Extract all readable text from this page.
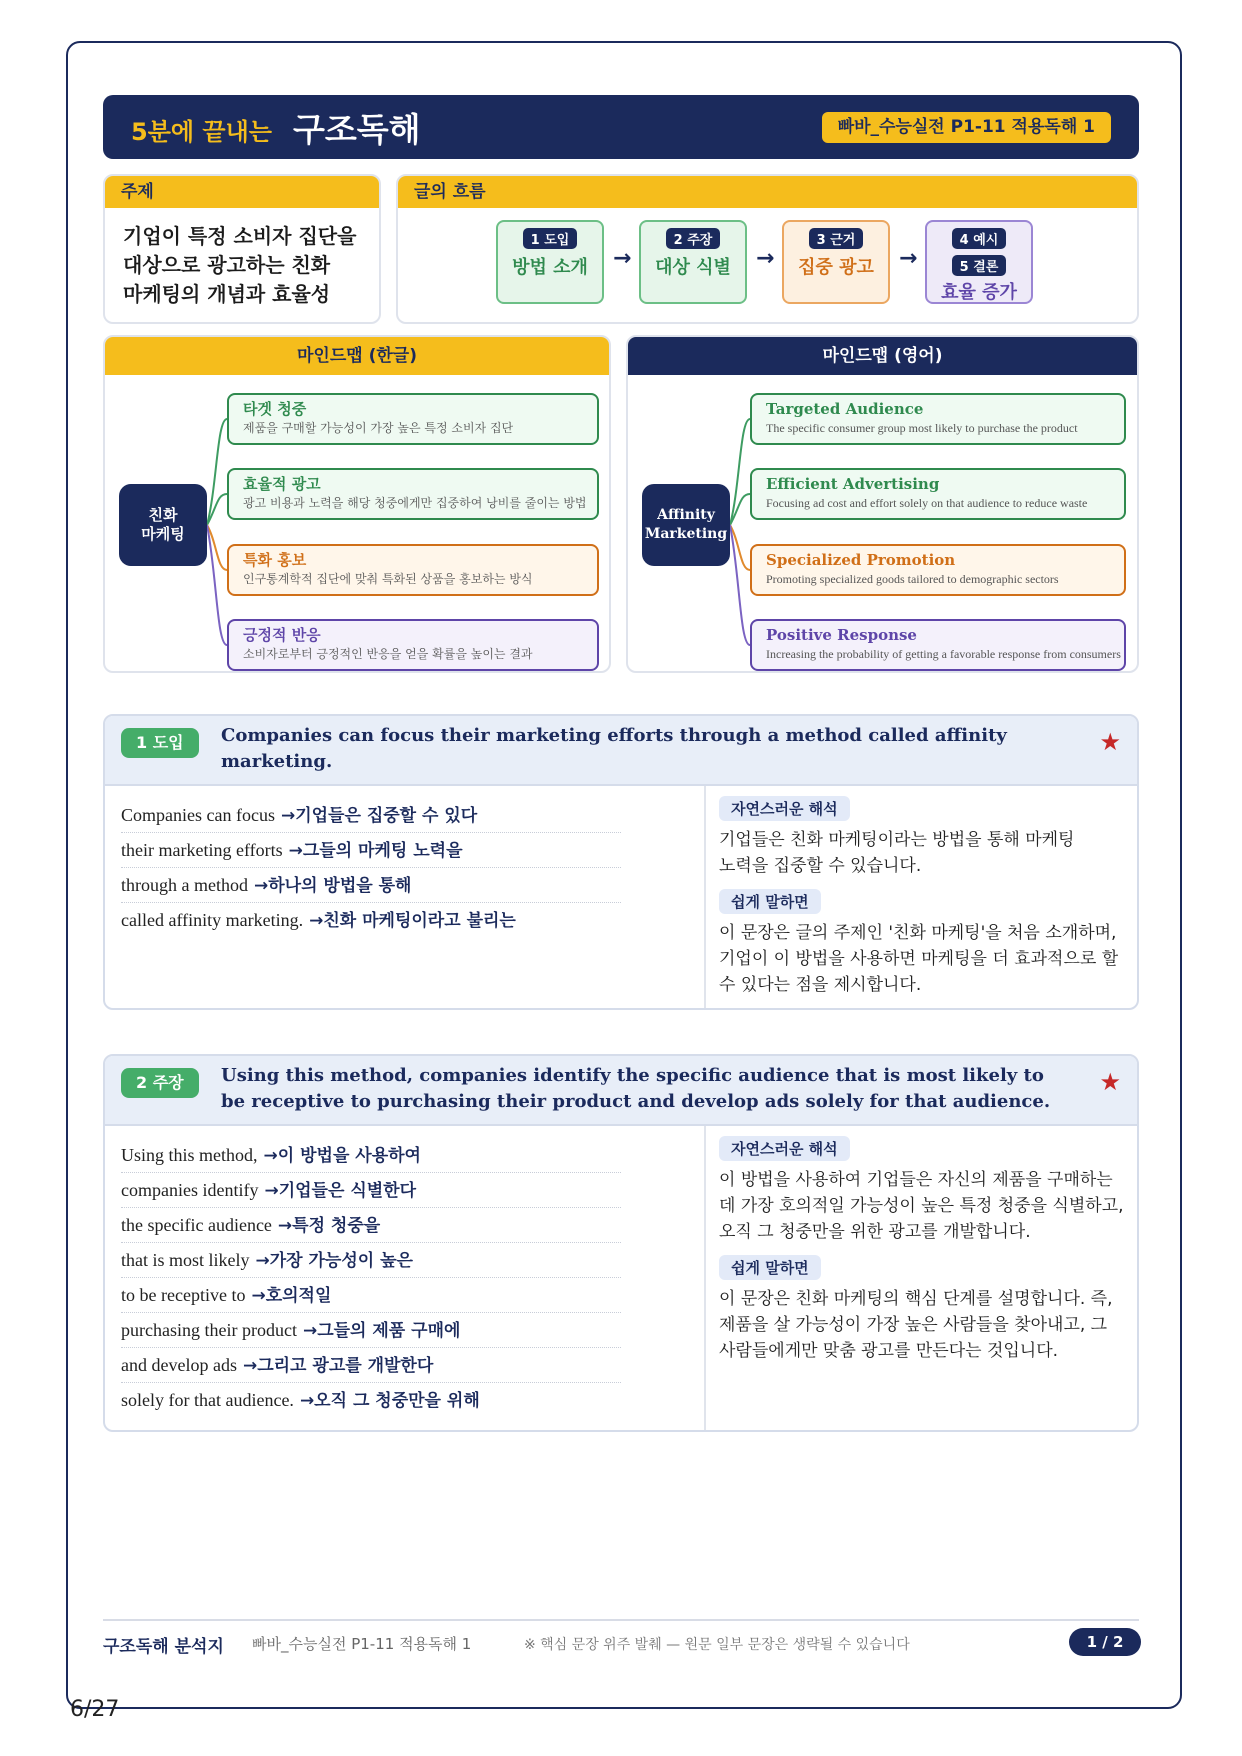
5분에 끝내는 구조독해	빠바_수능실전 P1-11 적용독해 1
주제
기업이 특정 소비자 집단을 대상으로 광고하는 친화 마케팅의 개념과 효율성
글의 흐름
1 도입
방법 소개	→
2 주장
대상 식별	→
3 근거
집중 광고	→
4 예시
5 결론
효율 증가
마인드맵 (한글)
친화
마케팅
타겟 청중
제품을 구매할 가능성이 가장 높은 특정 소비자 집단
효율적 광고
광고 비용과 노력을 해당 청중에게만 집중하여 낭비를 줄이는 방법
특화 홍보
인구통계학적 집단에 맞춰 특화된 상품을 홍보하는 방식
긍정적 반응
소비자로부터 긍정적인 반응을 얻을 확률을 높이는 결과
마인드맵 (영어)
Affinity
Marketing
Targeted Audience
The specific consumer group most likely to purchase the product
Efficient Advertising
Focusing ad cost and effort solely on that audience to reduce waste
Specialized Promotion
Promoting specialized goods tailored to demographic sectors
Positive Response
Increasing the probability of getting a favorable response from consumers
1 도입	Companies can focus their marketing efforts through a method called affinity marketing.
★
Companies can focus →기업들은 집중할 수 있다
their marketing efforts →그들의 마케팅 노력을
through a method →하나의 방법을 통해
called affinity marketing. →친화 마케팅이라고 불리는
자연스러운 해석
기업들은 친화 마케팅이라는 방법을 통해 마케팅 노력을 집중할 수 있습니다.
쉽게 말하면
이 문장은 글의 주제인 '친화 마케팅'을 처음 소개하며, 기업이 이 방법을 사용하면 마케팅을 더 효과적으로 할 수 있다는 점을 제시합니다.
2 주장	Using this method, companies identify the specific audience that is most likely to be receptive to purchasing their product and develop ads solely for that audience.
★
Using this method, →이 방법을 사용하여
companies identify →기업들은 식별한다
the specific audience →특정 청중을
that is most likely →가장 가능성이 높은
to be receptive to →호의적일
purchasing their product →그들의 제품 구매에
and develop ads →그리고 광고를 개발한다
solely for that audience. →오직 그 청중만을 위해
자연스러운 해석
이 방법을 사용하여 기업들은 자신의 제품을 구매하는 데 가장 호의적일 가능성이 높은 특정 청중을 식별하고, 오직 그 청중만을 위한 광고를 개발합니다.
쉽게 말하면
이 문장은 친화 마케팅의 핵심 단계를 설명합니다. 즉, 제품을 살 가능성이 가장 높은 사람들을 찾아내고, 그 사람들에게만 맞춤 광고를 만든다는 것입니다.
구조독해 분석지 빠바_수능실전 P1-11 적용독해 1	※ 핵심 문장 위주 발췌 — 원문 일부 문장은 생략될 수 있습니다	1 / 2
6/27
